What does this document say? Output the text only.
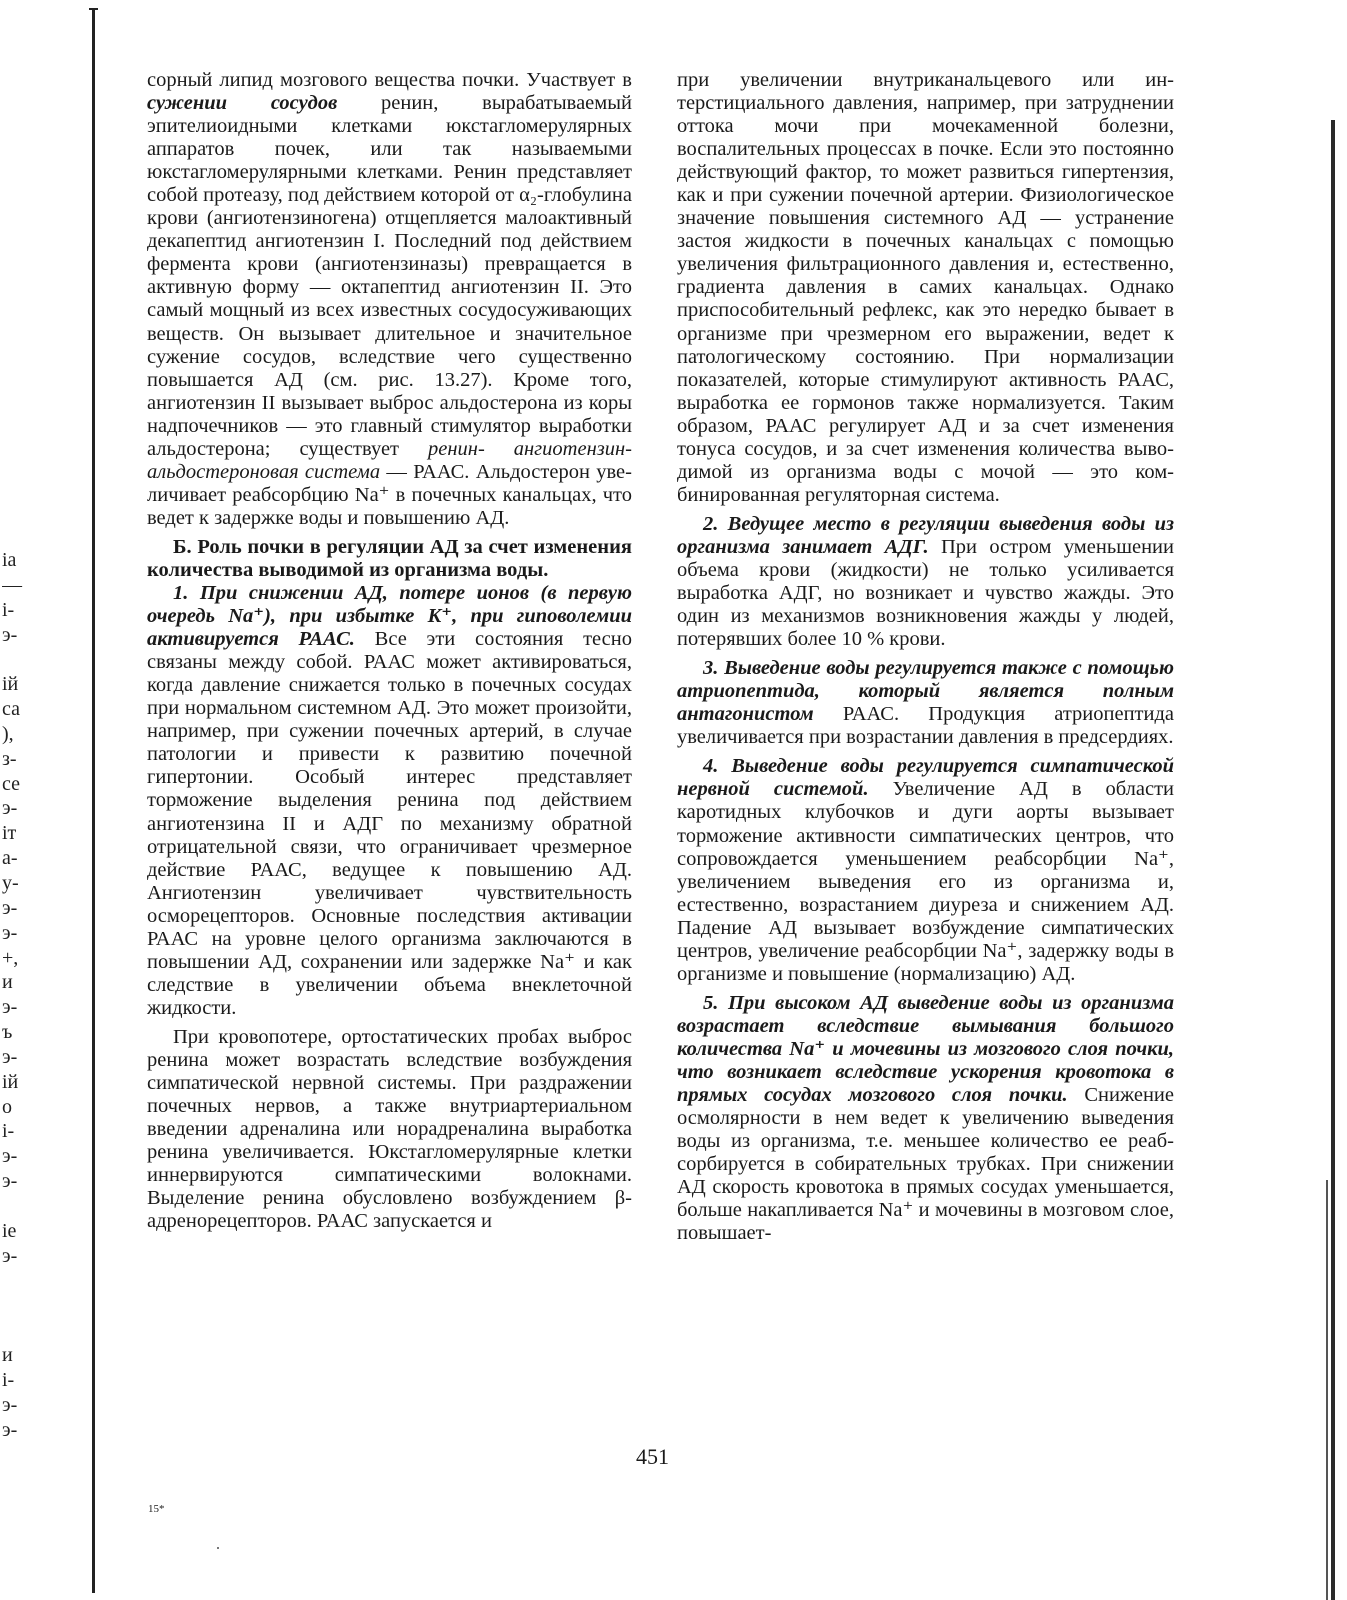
іа
—
і-
э-
ій
са
),
з-
се
э-
іт
а-
у-
э-
э-
+,
и
э-
ъ
э-
ій
о
і-
э-
э-
іе
э-
и
і-
э-
э-

сорный липид мозгового вещества почки. Участвует в сужении сосудов ренин, вырабатываемый эпителиоидными клетками юкстагломерулярных аппаратов почек, или так называемыми юкстагломерулярными клетками. Ренин представляет собой протеазу, под действием которой от α₂-глобулина крови (ангиотензиногена) отщепляется малоактивный декапептид ангиотензин I. Последний под действием фермента крови (ангиотензиназы) превращается в активную форму — октапептид ангиотензин II. Это самый мощный из всех известных сосудосуживающих веществ. Он вызывает длительное и значительное сужение сосудов, вследствие чего существенно повышается АД (см. рис. 13.27). Кроме того, ангиотензин II вызывает выброс альдостерона из коры надпочечников — это главный стимулятор выработки альдостерона; существует ренин- ангиотензин-альдостероновая система — РААС. Альдостерон увеличивает реабсорбцию Na⁺ в почечных канальцах, что ведет к задержке воды и повышению АД.

Б. Роль почки в регуляции АД за счет изменения количества выводимой из организма воды.

1. При снижении АД, потере ионов (в первую очередь Na⁺), при избытке K⁺, при гиповолемии активируется РААС. Все эти состояния тесно связаны между собой. РААС может активироваться, когда давление снижается только в почечных сосудах при нормальном системном АД. Это может произойти, например, при сужении почечных артерий, в случае патологии и привести к развитию почечной гипертонии. Особый интерес представляет торможение выделения ренина под действием ангиотензина II и АДГ по механизму обратной отрицательной связи, что ограничивает чрезмерное действие РААС, ведущее к повышению АД. Ангиотензин увеличивает чувствительность осморецепторов. Основные последствия активации РААС на уровне целого организма заключаются в повышении АД, сохранении или задержке Na⁺ и как следствие в увеличении объема внеклеточной жидкости.

При кровопотере, ортостатических пробах выброс ренина может возрастать вследствие возбуждения симпатической нервной системы. При раздражении почечных нервов, а также внутриартериальном введении адреналина или норадреналина выработка ренина увеличивается. Юкстагломерулярные клетки иннервируются симпатическими волокнами. Выделение ренина обусловлено возбуждением β-адренорецепторов. РААС запускается и

при увеличении внутриканальцевого или интерстициального давления, например, при затруднении оттока мочи при мочекаменной болезни, воспалительных процессах в почке. Если это постоянно действующий фактор, то может развиться гипертензия, как и при сужении почечной артерии. Физиологическое значение повышения системного АД — устранение застоя жидкости в почечных канальцах с помощью увеличения фильтрационного давления и, естественно, градиента давления в самих канальцах. Однако приспособительный рефлекс, как это нередко бывает в организме при чрезмерном его выражении, ведет к патологическому состоянию. При нормализации показателей, которые стимулируют активность РААС, выработка ее гормонов также нормализуется. Таким образом, РААС регулирует АД и за счет изменения тонуса сосудов, и за счет изменения количества выводимой из организма воды с мочой — это комбинированная регуляторная система.

2. Ведущее место в регуляции выведения воды из организма занимает АДГ. При остром уменьшении объема крови (жидкости) не только усиливается выработка АДГ, но возникает и чувство жажды. Это один из механизмов возникновения жажды у людей, потерявших более 10 % крови.

3. Выведение воды регулируется также с помощью атриопептида, который является полным антагонистом РААС. Продукция атриопептида увеличивается при возрастании давления в предсердиях.

4. Выведение воды регулируется симпатической нервной системой. Увеличение АД в области каротидных клубочков и дуги аорты вызывает торможение активности симпатических центров, что сопровождается уменьшением реабсорбции Na⁺, увеличением выведения его из организма и, естественно, возрастанием диуреза и снижением АД. Падение АД вызывает возбуждение симпатических центров, увеличение реабсорбции Na⁺, задержку воды в организме и повышение (нормализацию) АД.

5. При высоком АД выведение воды из организма возрастает вследствие вымывания большого количества Na⁺ и мочевины из мозгового слоя почки, что возникает вследствие ускорения кровотока в прямых сосудах мозгового слоя почки. Снижение осмолярности в нем ведет к увеличению выведения воды из организма, т.е. меньшее количество ее реабсорбируется в собирательных трубках. При снижении АД скорость кровотока в прямых сосудах уменьшается, больше накапливается Na⁺ и мочевины в мозговом слое, повышает-

451
15*
